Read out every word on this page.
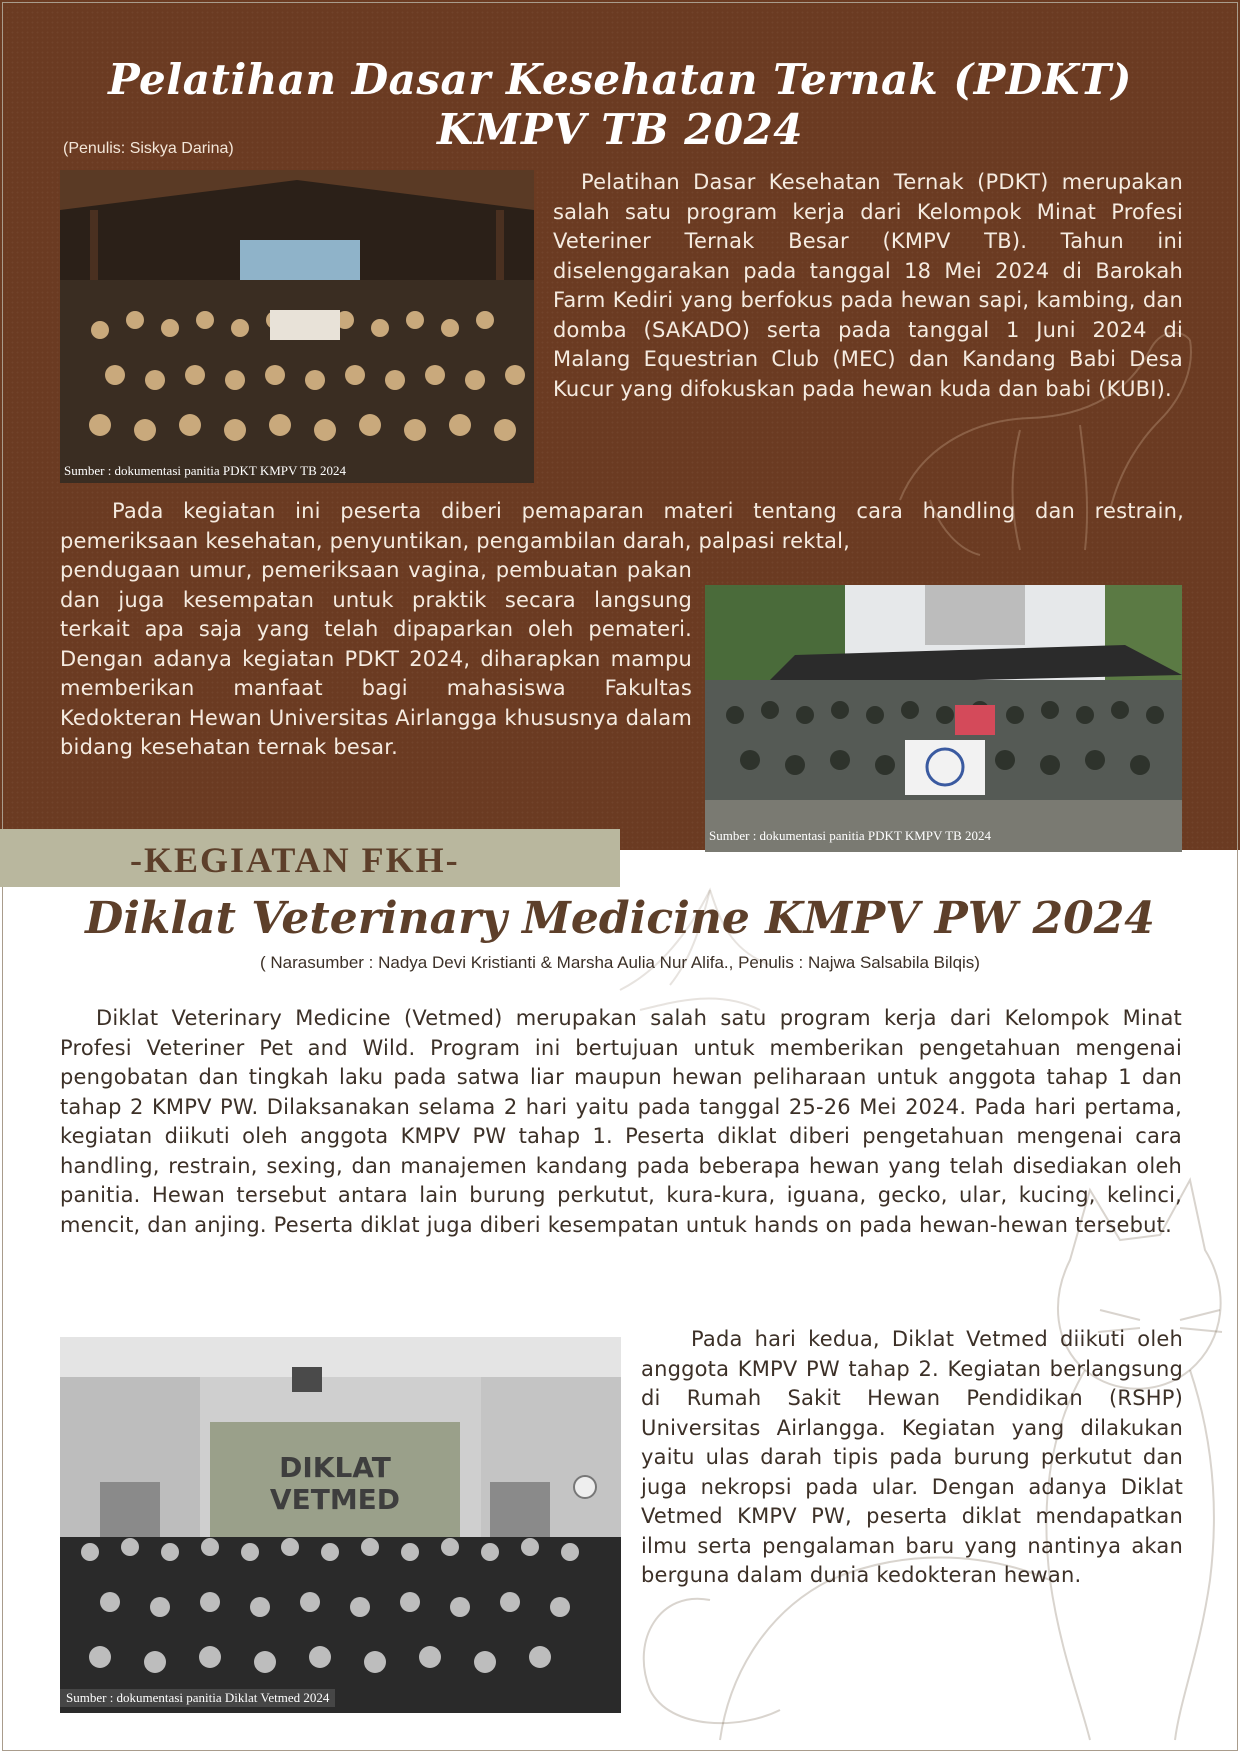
Pelatihan Dasar Kesehatan Ternak (PDKT)
KMPV TB 2024
(Penulis: Siskya Darina)
Sumber : dokumentasi panitia PDKT KMPV TB 2024

Pelatihan Dasar Kesehatan Ternak (PDKT) merupakan salah satu program kerja dari Kelompok Minat Profesi Veteriner Ternak Besar (KMPV TB). Tahun ini diselenggarakan pada tanggal 18 Mei 2024 di Barokah Farm Kediri yang berfokus pada hewan sapi, kambing, dan domba (SAKADO) serta pada tanggal 1 Juni 2024 di Malang Equestrian Club (MEC) dan Kandang Babi Desa Kucur yang difokuskan pada hewan kuda dan babi (KUBI).

Pada kegiatan ini peserta diberi pemaparan materi tentang cara handling dan restrain, pemeriksaan kesehatan, penyuntikan, pengambilan darah, palpasi rektal,

pendugaan umur, pemeriksaan vagina, pembuatan pakan dan juga kesempatan untuk praktik secara langsung terkait apa saja yang telah dipaparkan oleh pemateri. Dengan adanya kegiatan PDKT 2024, diharapkan mampu memberikan manfaat bagi mahasiswa Fakultas Kedokteran Hewan Universitas Airlangga khususnya dalam bidang kesehatan ternak besar.

Sumber : dokumentasi panitia PDKT KMPV TB 2024
-KEGIATAN FKH-
Diklat Veterinary Medicine KMPV PW 2024
( Narasumber : Nadya Devi Kristianti & Marsha Aulia Nur Alifa., Penulis : Najwa Salsabila Bilqis)

Diklat Veterinary Medicine (Vetmed) merupakan salah satu program kerja dari Kelompok Minat Profesi Veteriner Pet and Wild. Program ini bertujuan untuk memberikan pengetahuan mengenai pengobatan dan tingkah laku pada satwa liar maupun hewan peliharaan untuk anggota tahap 1 dan tahap 2 KMPV PW. Dilaksanakan selama 2 hari yaitu pada tanggal 25-26 Mei 2024. Pada hari pertama, kegiatan diikuti oleh anggota KMPV PW tahap 1. Peserta diklat diberi pengetahuan mengenai cara handling, restrain, sexing, dan manajemen kandang pada beberapa hewan yang telah disediakan oleh panitia. Hewan tersebut antara lain burung perkutut, kura-kura, iguana, gecko, ular, kucing, kelinci, mencit, dan anjing. Peserta diklat juga diberi kesempatan untuk hands on pada hewan-hewan tersebut.

DIKLAT
VETMED
Sumber : dokumentasi panitia Diklat Vetmed 2024

Pada hari kedua, Diklat Vetmed diikuti oleh anggota KMPV PW tahap 2. Kegiatan berlangsung di Rumah Sakit Hewan Pendidikan (RSHP) Universitas Airlangga. Kegiatan yang dilakukan yaitu ulas darah tipis pada burung perkutut dan juga nekropsi pada ular. Dengan adanya Diklat Vetmed KMPV PW, peserta diklat mendapatkan ilmu serta pengalaman baru yang nantinya akan berguna dalam dunia kedokteran hewan.
